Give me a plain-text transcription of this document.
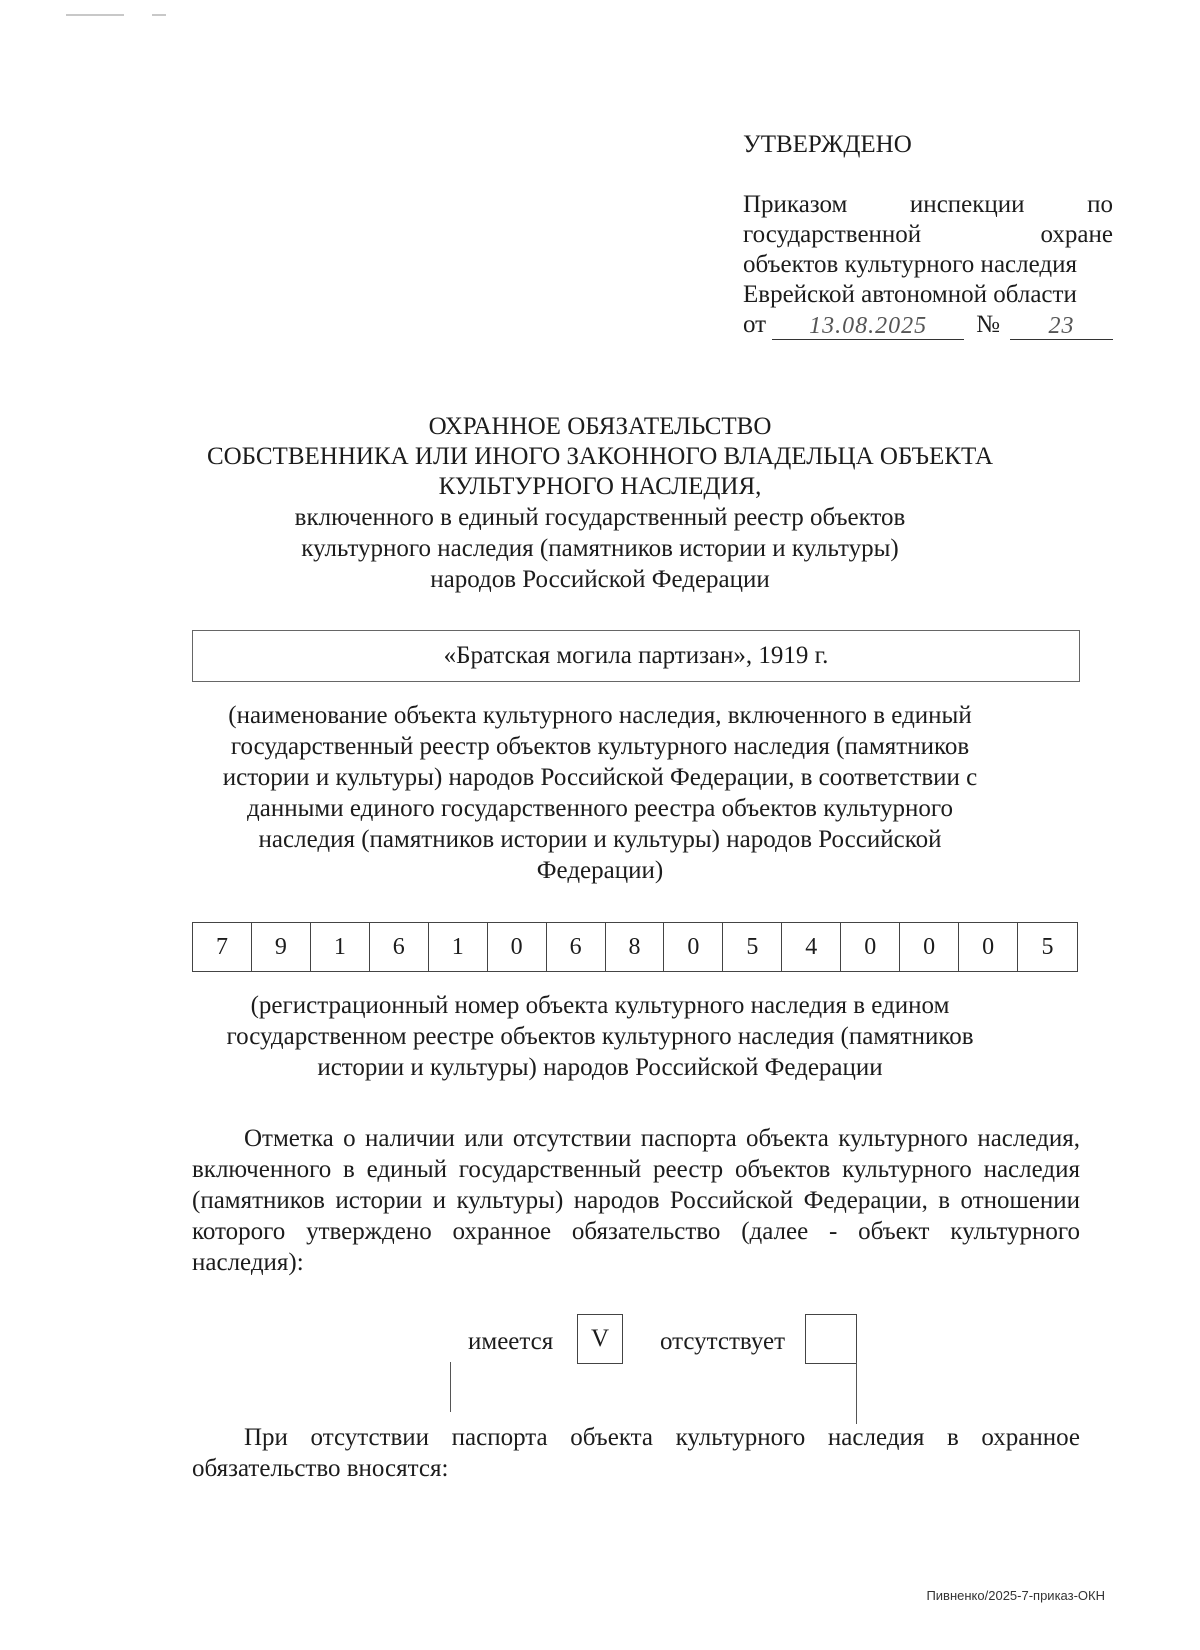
УТВЕРЖДЕНО
Приказом инспекции по
государственной охране
объектов культурного наследия
Еврейской автономной области
от	13.08.2025	№	23
ОХРАННОЕ ОБЯЗАТЕЛЬСТВО
СОБСТВЕННИКА ИЛИ ИНОГО ЗАКОННОГО ВЛАДЕЛЬЦА ОБЪЕКТА
КУЛЬТУРНОГО НАСЛЕДИЯ,
включенного в единый государственный реестр объектов
культурного наследия (памятников истории и культуры)
народов Российской Федерации
«Братская могила партизан», 1919 г.
(наименование объекта культурного наследия, включенного в единый
государственный реестр объектов культурного наследия (памятников
истории и культуры) народов Российской Федерации, в соответствии с
данными единого государственного реестра объектов культурного
наследия (памятников истории и культуры) народов Российской
Федерации)
7	9	1	6	1	0	6	8	0	5	4	0	0	0	5
(регистрационный номер объекта культурного наследия в едином
государственном реестре объектов культурного наследия (памятников
истории и культуры) народов Российской Федерации
Отметка о наличии или отсутствии паспорта объекта культурного наследия, включенного в единый государственный реестр объектов культурного наследия (памятников истории и культуры) народов Российской Федерации, в отношении которого утверждено охранное обязательство (далее - объект культурного наследия):
имеется	V	отсутствует
При отсутствии паспорта объекта культурного наследия в охранное обязательство вносятся:
Пивненко/2025-7-приказ-ОКН
